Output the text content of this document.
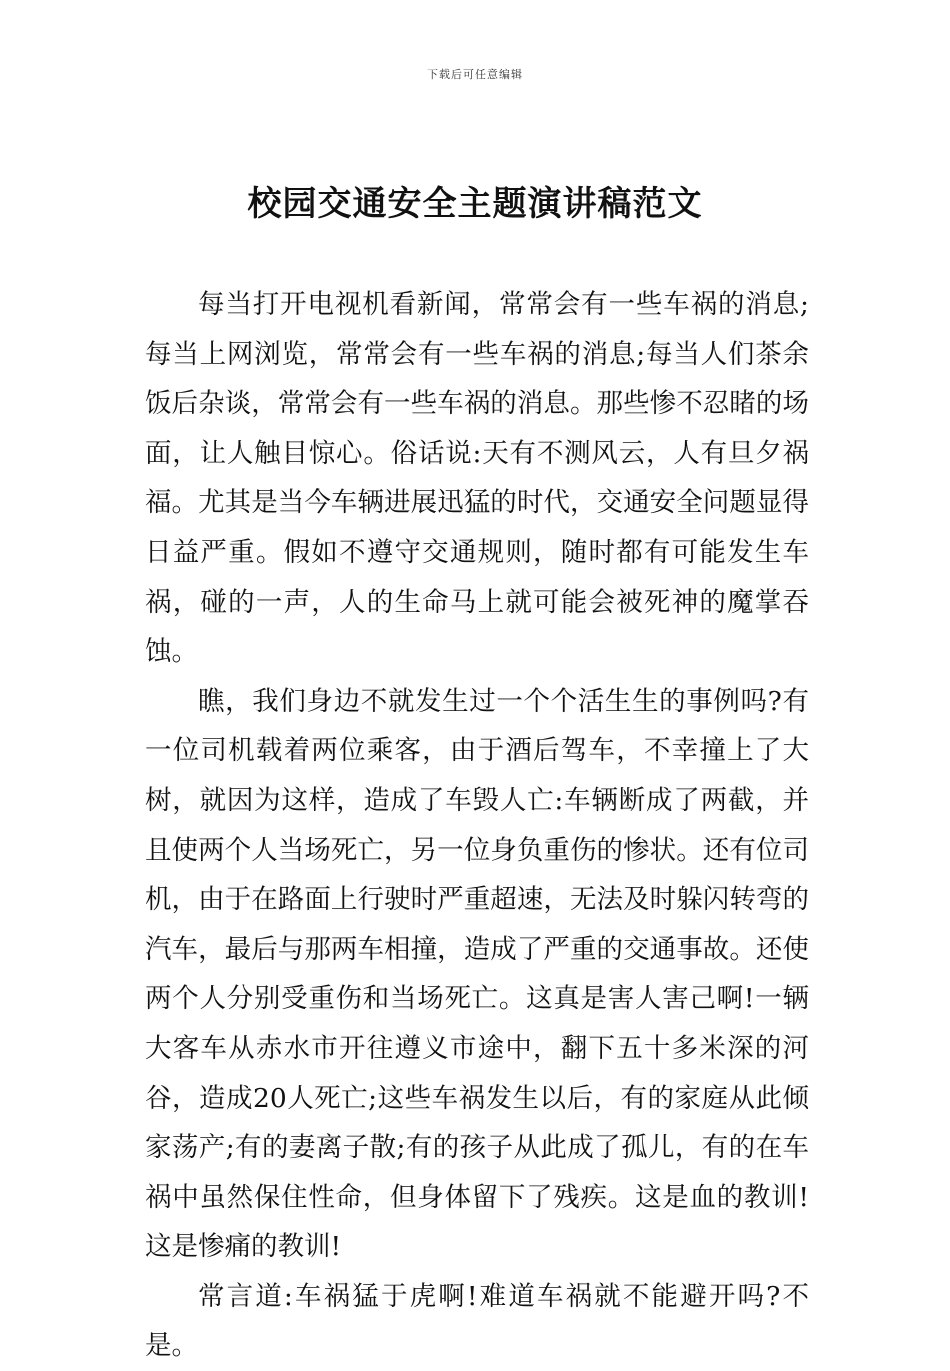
下载后可任意编辑
校园交通安全主题演讲稿范文

每当打开电视机看新闻，常常会有一些车祸的消息;每当上网浏览，常常会有一些车祸的消息;每当人们茶余饭后杂谈，常常会有一些车祸的消息。那些惨不忍睹的场面，让人触目惊心。俗话说:天有不测风云，人有旦夕祸福。尤其是当今车辆进展迅猛的时代，交通安全问题显得日益严重。假如不遵守交通规则，随时都有可能发生车祸，碰的一声，人的生命马上就可能会被死神的魔掌吞蚀。

瞧，我们身边不就发生过一个个活生生的事例吗?有一位司机载着两位乘客，由于酒后驾车，不幸撞上了大树，就因为这样，造成了车毁人亡:车辆断成了两截，并且使两个人当场死亡，另一位身负重伤的惨状。还有位司机，由于在路面上行驶时严重超速，无法及时躲闪转弯的汽车，最后与那两车相撞，造成了严重的交通事故。还使两个人分别受重伤和当场死亡。这真是害人害己啊!一辆大客车从赤水市开往遵义市途中，翻下五十多米深的河谷，造成20人死亡;这些车祸发生以后，有的家庭从此倾家荡产;有的妻离子散;有的孩子从此成了孤儿，有的在车祸中虽然保住性命，但身体留下了残疾。这是血的教训!这是惨痛的教训!

常言道:车祸猛于虎啊!难道车祸就不能避开吗?不是。
